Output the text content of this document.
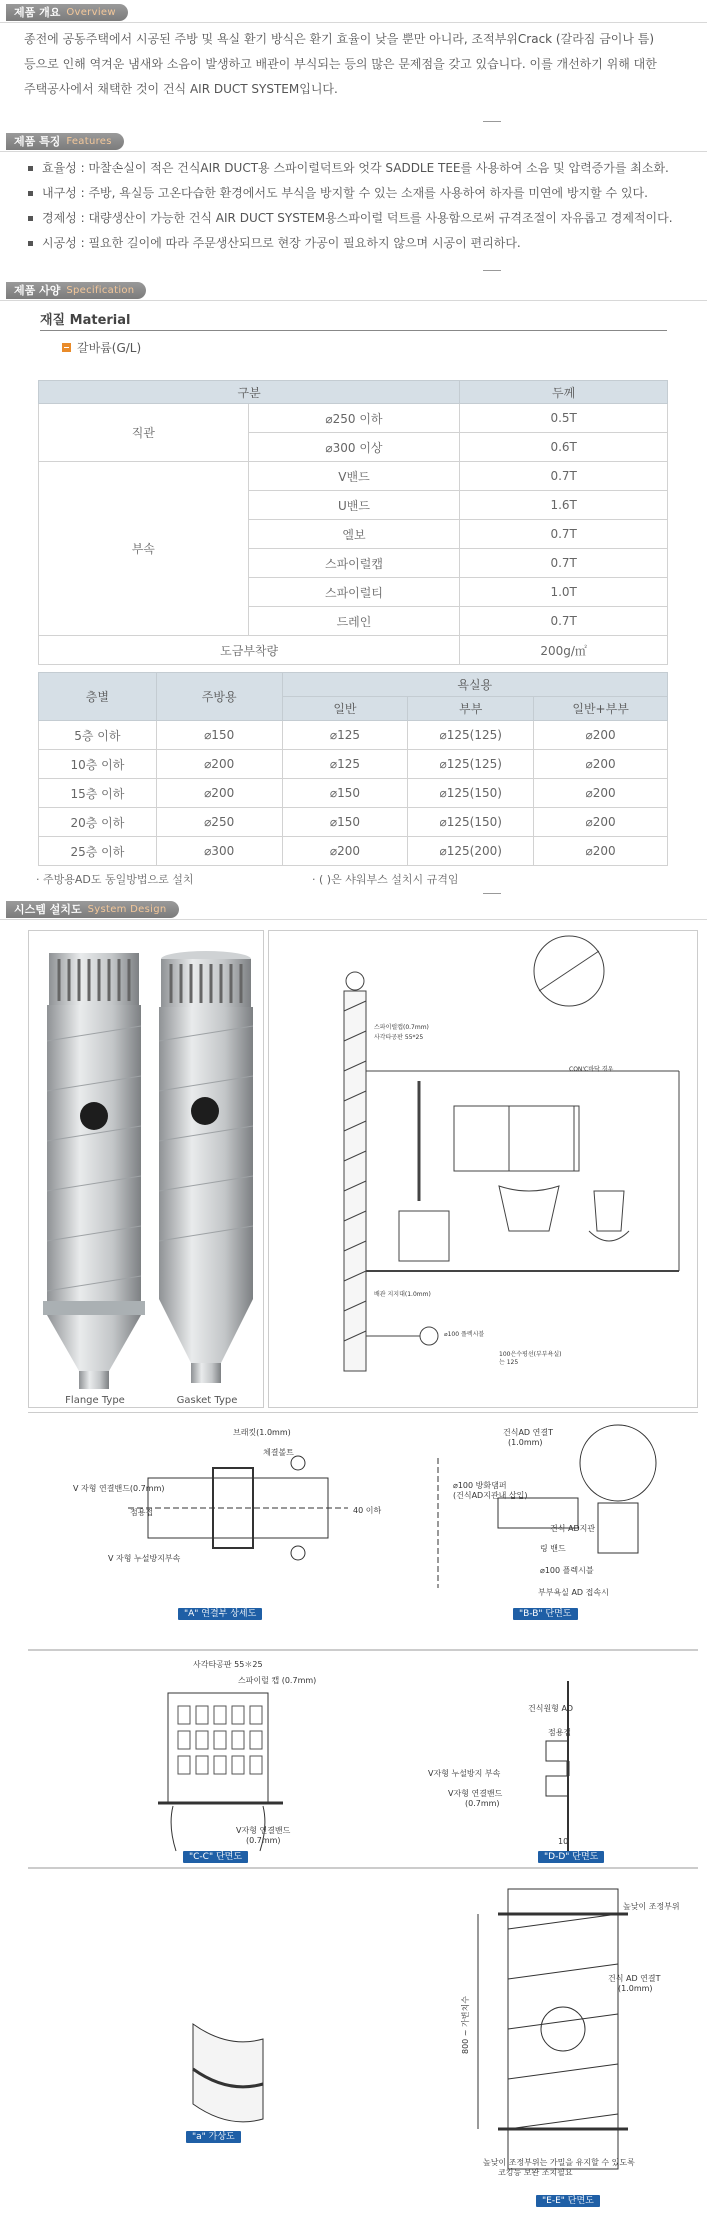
제품 개요 Overview

종전에 공동주택에서 시공된 주방 및 욕실 환기 방식은 환기 효율이 낮을 뿐만 아니라, 조적부위Crack (갈라짐 금이나 틈)
등으로 인해 역겨운 냄새와 소음이 발생하고 배관이 부식되는 등의 많은 문제점을 갖고 있습니다. 이를 개선하기 위해 대한
주택공사에서 채택한 것이 건식 AIR DUCT SYSTEM입니다.

제품 특징 Features
효율성 : 마찰손실이 적은 건식AIR DUCT용 스파이럴덕트와 엇각 SADDLE TEE를 사용하여 소음 및 압력증가를 최소화.
내구성 : 주방, 욕실등 고온다습한 환경에서도 부식을 방지할 수 있는 소재를 사용하여 하자를 미연에 방지할 수 있다.
경제성 : 대량생산이 가능한 건식 AIR DUCT SYSTEM용스파이럴 덕트를 사용함으로써 규격조절이 자유롭고 경제적이다.
시공성 : 필요한 길이에 따라 주문생산되므로 현장 가공이 필요하지 않으며 시공이 편리하다.
제품 사양 Specification
재질 Material
갈바륨(G/L)
구분		두께
직관	⌀250 이하	0.5T
	⌀300 이상	0.6T
부속	V밴드	0.7T
	U밴드	1.6T
	엘보	0.7T
	스파이럴캡	0.7T
	스파이럴티	1.0T
	드레인	0.7T
도금부착량		200g/㎡
층별	주방용	욕실용		
		일반	부부	일반+부부
5층 이하	⌀150	⌀125	⌀125(125)	⌀200
10층 이하	⌀200	⌀125	⌀125(125)	⌀200
15층 이하	⌀200	⌀150	⌀125(150)	⌀200
20층 이하	⌀250	⌀150	⌀125(150)	⌀200
25층 이하	⌀300	⌀200	⌀125(200)	⌀200
· 주방용AD도 동일방법으로 설치	· ( )은 샤워부스 설치시 규격임
시스템 설치도 System Design
Flange Type	Gasket Type
스파이럴캡(0.7mm)
사각타공판 55*25
CON'C바닥 경우
배관 지지대(1.0mm)
⌀100 플렉시블
100은수평선(부부욕실)
는 125
브래킷(1.0mm)
체결볼트
V 자형 연결밴드(0.7mm)
점용접
V 자형 누설방지부속
40 이하
건식AD 연결T
(1.0mm)
⌀100 방화댐퍼
(건식AD지관내 삽입)
건식 AD지관
링 밴드
⌀100 플렉시블
부부욕실 AD 접속시
"A" 연결부 상세도	"B-B" 단면도
사각타공판 55＊25
스파이럴 캡 (0.7mm)
V자형 연결밴드
(0.7mm)
건식원형 AD
점용접
V자형 누설방지 부속
V자형 연결밴드
(0.7mm)
10
"C-C" 단면도	"D-D" 단면도
높낮이 조정부위
건식 AD 연결T
(1.0mm)
800 ~ 가변치수
높낮이 조정부위는 가밀을 유지할 수 있도록
코킹등 보완 조치필요
"a" 가상도
"E-E" 단면도
